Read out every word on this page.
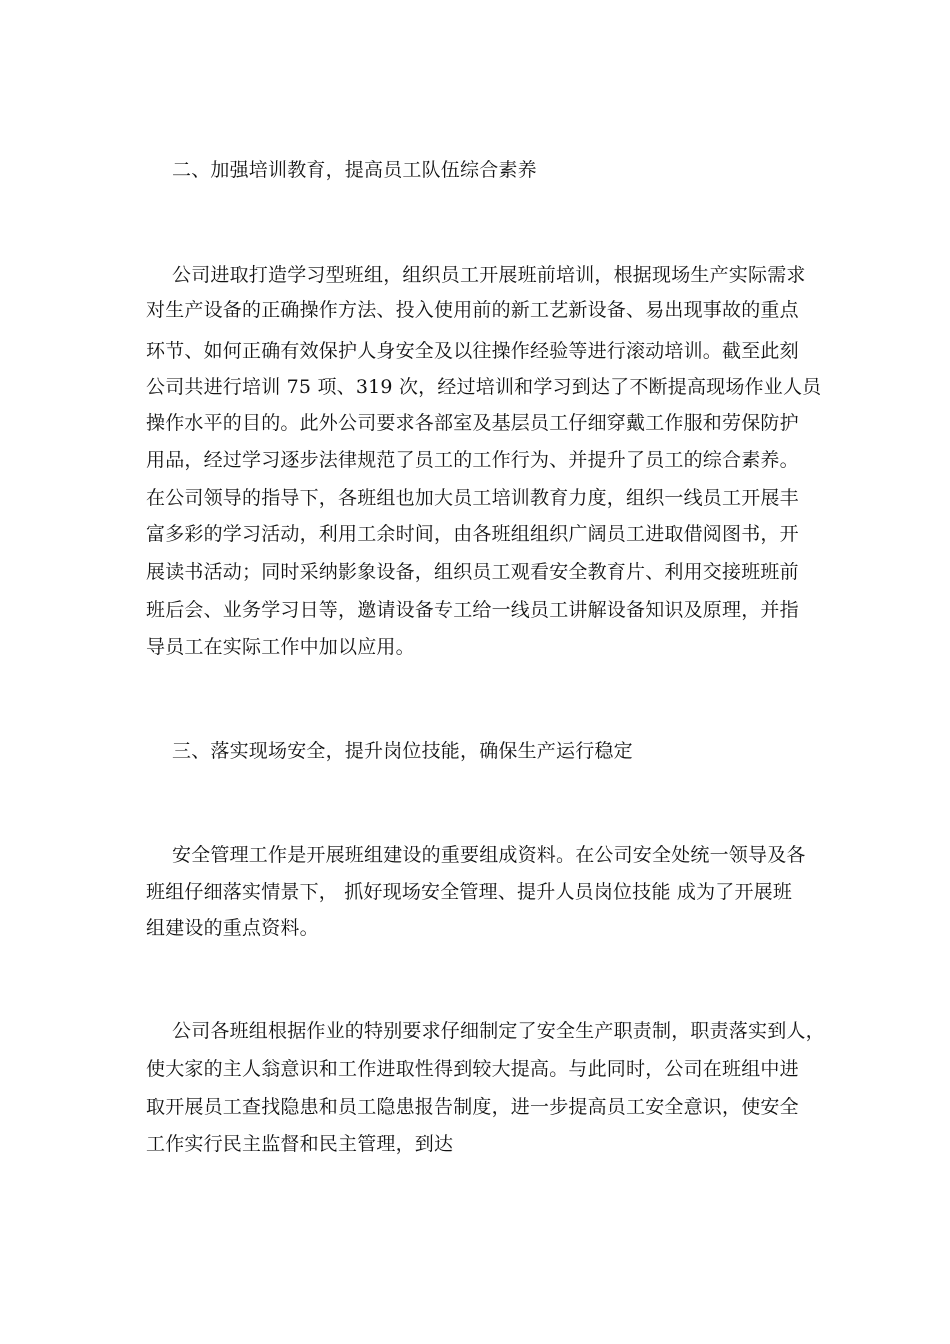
二、加强培训教育，提高员工队伍综合素养
公司进取打造学习型班组，组织员工开展班前培训，根据现场生产实际需求
对生产设备的正确操作方法、投入使用前的新工艺新设备、易出现事故的重点
环节、如何正确有效保护人身安全及以往操作经验等进行滚动培训。截至此刻
公司共进行培训 75 项、319 次，经过培训和学习到达了不断提高现场作业人员
操作水平的目的。此外公司要求各部室及基层员工仔细穿戴工作服和劳保防护
用品，经过学习逐步法律规范了员工的工作行为、并提升了员工的综合素养。
在公司领导的指导下，各班组也加大员工培训教育力度，组织一线员工开展丰
富多彩的学习活动，利用工余时间，由各班组组织广阔员工进取借阅图书，开
展读书活动；同时采纳影象设备，组织员工观看安全教育片、利用交接班班前
班后会、业务学习日等，邀请设备专工给一线员工讲解设备知识及原理，并指
导员工在实际工作中加以应用。
三、落实现场安全，提升岗位技能，确保生产运行稳定
安全管理工作是开展班组建设的重要组成资料。在公司安全处统一领导及各
班组仔细落实情景下， 抓好现场安全管理、提升人员岗位技能 成为了开展班
组建设的重点资料。
公司各班组根据作业的特别要求仔细制定了安全生产职责制，职责落实到人，
使大家的主人翁意识和工作进取性得到较大提高。与此同时，公司在班组中进
取开展员工查找隐患和员工隐患报告制度，进一步提高员工安全意识，使安全
工作实行民主监督和民主管理，到达
